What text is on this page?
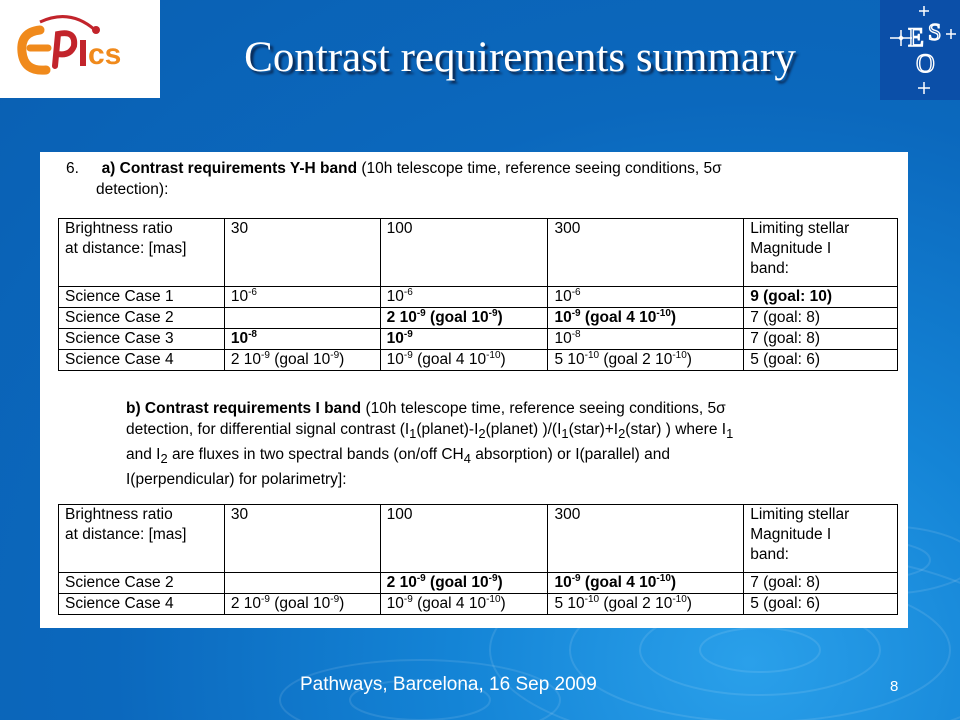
cs
E S
O
Contrast requirements summary
6. a) Contrast requirements Y-H band (10h telescope time, reference seeing conditions, 5σ
detection):
Brightness ratio
at distance: [mas]	30	100	300	Limiting stellar
Magnitude I
band:
Science Case 1	$10^{-6}$	$10^{-6}$	$10^{-6}$	9 (goal: 10)
Science Case 2		2 $10^{-9}$ (goal $10^{-9}$)	$10^{-9}$ (goal 4 $10^{-10}$)	7 (goal: 8)
Science Case 3	$10^{-8}$	$10^{-9}$	$10^{-8}$	7 (goal: 8)
Science Case 4	2 $10^{-9}$ (goal $10^{-9}$)	$10^{-9}$ (goal 4 $10^{-10}$)	5 $10^{-10}$ (goal 2 $10^{-10}$)	5 (goal: 6)
b) Contrast requirements I band (10h telescope time, reference seeing conditions, 5σ
detection, for differential signal contrast ($I_1(planet)-I_2(planet)$ )$/(I_1(star)+I_2(star)$ ) where $I_1$
and $I_2$ are fluxes in two spectral bands (on/off $CH_4$ absorption) or I(parallel) and
I(perpendicular) for polarimetry]:
Brightness ratio
at distance: [mas]	30	100	300	Limiting stellar
Magnitude I
band:
Science Case 2		2 $10^{-9}$ (goal $10^{-9}$)	$10^{-9}$ (goal 4 $10^{-10}$)	7 (goal: 8)
Science Case 4	2 $10^{-9}$ (goal $10^{-9}$)	$10^{-9}$ (goal 4 $10^{-10}$)	5 $10^{-10}$ (goal 2 $10^{-10}$)	5 (goal: 6)
Pathways, Barcelona, 16 Sep 2009	8
